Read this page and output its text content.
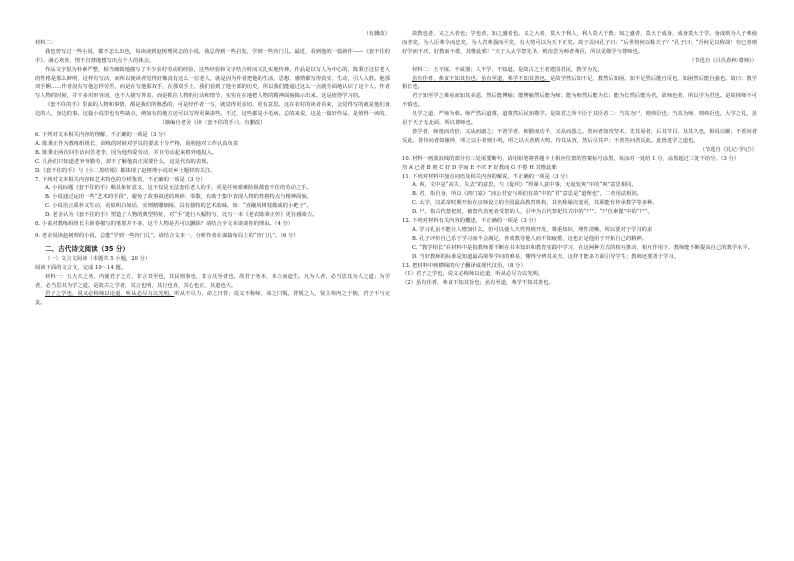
（有删改）

材料二：

我也曾写过一些小说，都不怎么出色，每读读到赵树理同志的小说，我总得到一些启发，学到一些窍门儿。最近，看到他的一篇新作——《套不住的手》，满心欢喜，情不自禁地想写出点个人的体会。

作品文字很为朴素严整，相当细致地描写了不少农村劳动的经验，这些经验和文字结合时而又扎实地传神。作品是以写人为中心的。陈秉正这位老人的性格是那么鲜明，这样有写活，而所以使读者觉得好像真有这么一位老人，就是因为作者把他的生活、思想、感情都写得真实、生动，引人入胜。他那双手啊……作者没有写他怎样劳苦，而是在写他那双手，在那双手上，我们看到了他全部的历史，所以我们能通过这么一点就全面地认识了这个人。作者写人物的时候，并不多用形容词，也不大描写外表，而是抓住人物的行动和情节，实实在在地把人物的精神面貌揭示出来。这是值得学习的。

《套不住的手》里面的人物和事情，都是我们所熟悉的，可是经作者一写，就觉得更亲切、更有意思。这在农村的读者看来，会觉得写的就是他们身边的人、身边的事。这篇小说里也有些缺点，例如有的地方还可以写得更紧凑些。不过，这些都是小毛病。总的来说，这是一篇好作品，是值得一读的。

（摘编自老舍《读〈套不住的手〉》，有删改）

6. 下列对文本相关内容的理解，不正确的一项是（3 分）

A. 陈秉正作为教练组组长，训练的时候对学员的要求十分严格，说明他对工作认真负责

B. 陈秉正两次回手访问苦老李，因为他热爱劳动，并且劳动起来格外地投入。

C. 儿孙们只知道老爷爷勤劳，却不了解他真正需要什么，这是代沟的表现。

D.《套不住的手》与《小二黑结婚》都体现了赵树理小说对乡土题材的关注。

7. 下列对文本相关内容和艺术特色的分析鉴赏，不正确的一项是（3 分）

A. 小说标题《套不住的手》颇具象征意义，这不仅是无法套住老人的手，更是任何艰难险阻都套不住的劳动之手。

B. 小说通过运用一些“艺术的手段”，避免了故事叙述的琐碎、零散，有助于集中表现人物的性格特点与精神面貌。

C. 小说语言质朴又生动，看似明白如话，实则精雕细琢，具有独特的艺术韵味，如：“直穰用树枝做成的小耙子”。

D. 老舍认为《套不住的手》塑造了人物的典型特征，对“手”进行大幅特写，比写一本《老农陈秉正传》更有感染力。

8. 小说对教练组组长主新春描写的笔墨并不多，这个人物是否可以删除？请结合全文本谈谈你的理由。（4 分）

9. 老舍说读赵树理的小说，总能“学到一些窍门儿”。请结合文本一，分析作者在谋篇布局上的“窍门儿”。（6 分）

二、古代诗文阅读（35 分）

（一）文言文阅读（本题共 5 小题，20 分）

阅读下面的文言文，完成 10～14 题。

材料一：五大夫之务，内使君子之方，非言其至也，其民则事也，非言其至者也。故君子务本，本立而道生。凡为人者，必当思其为人之道；为学者，必当思其为学之道。是故古之学者，其言也明，其行也直，其心也正，其道也大。

君子之学也，说义必称师以论道，听从必尽力以光明。听从不尽力，命之曰背；说义不称师，命之曰叛。背叛之人，贤主弗内之于朝，君子不与交友。

故教也者，义之大者也；学也者，知之盛者也。义之大者，莫大于利人，利人莫大于教；知之盛者，莫大于成身，成身莫大于学。身成则为人子弗使而孝矣，为人臣弗令而忠矣，为人君弗强而平矣，有大势可以为天下正矣。故子贡问孔子曰：“后世将何以称夫子？”孔子曰：“吾何足以称哉！勿已者则好学而不厌，好教而不倦，其惟此邪！”天子入太学祭先圣，则齿尝为师者弗臣，所以见敬学与尊师也。

（节选自《吕氏春秋·尊师》）

材料二：玉不琢，不成器；人不学，不知道。是故古之王者建国君民，教学为先。

虽有佳肴，弗食不知其旨也；虽有至道，弗学不知其善也。是故学然后知不足，教然后知困。知不足然后能自反也，知困然后能自强也。故曰：教学相长也。

君子知至学之难易而知其美恶，然后能博喻；能博喻然后能为师；能为师然后能为长；能为长然后能为君。故师也者，所以学为君也。是故择师不可不慎也。

凡学之道，严师为难。师严然后道尊，道尊然后民知敬学。是故君之所不臣于其臣者二：当其为尸，则弗臣也；当其为师，则弗臣也。大学之礼，虽诏于天子无北面，所以尊师也。

善学者，师逸而功倍，又从而庸之；不善学者，师勤而功半，又从而怨之。善问者如攻坚木，先其易者，后其节目，及其久也，相说以解；不善问者反此。善待问者如撞钟，叩之以小者则小鸣，叩之以大者则大鸣，待其从容，然后尽其声；不善答问者反此。此皆进学之道也。

（节选自《礼记·学记》）

10. 材料一画波浪线的部分有三处需要断句，请用铅笔将答题卡上相应位置的答案标号涂黑，每涂对一处给 1 分，涂黑超过三处不给分。（3 分）

勿 A 已者 B 则 C 好 D 学而 E 不厌 F 好教而 G 不倦 H 其惟此邪

11. 下列对材料中加点词语及相关内容的解说，不正确的一项是（3 分）

A. 爽，文中是“丧失、失去”的意思，与《促织》“得谨人意中事，无毫发爽”中的“爽”意思相同。

B. 君，指自身，所以《鸿门宴》“沛公君安与项伯有故”中的“君”意思是“道理也”，二者用法相同。

C. 太学，汉武帝时期开始在京师设立的全国最高教育机构，其名称屡次变更，其职能有传承教学等多种。

D. 尸，指古代祭祀时，被祭代表死者受祭的人，引申为古代祭祀仪式中的“尸”，“尸位素餐”中的“尸”。

12. 下列对材料有关内容的概述，不正确的一项是（3 分）

A. 学习孔虽不能让人增加什么，但可以使人天性得到开发，尊重知识，理性清晰，所以要对于学习的求

B. 孔子评价自己乐于学习而不会满足，喜欢教导他人而不知疲倦，这也正是他用于开拓自己的精神。

C. “教学相长”在材料中是指教师要不断在书本知识和教育实践中学习，在这两种方式的相互推动、相互作用下，教师能不断提高自己的教学水平。

D. 当好教师的标准是知道最高境界学问的难易，懂得分辨其美丑，这样才能多方面引导学生；教师还要善于学习。

13. 把材料中画横线的句子翻译成现代汉语。（8 分）

（1）君子之学也，说义必称师以论道，听从必尽力以光明。

（2）虽有佳肴，弗食不知其旨也；虽有至道，弗学不知其善也。
